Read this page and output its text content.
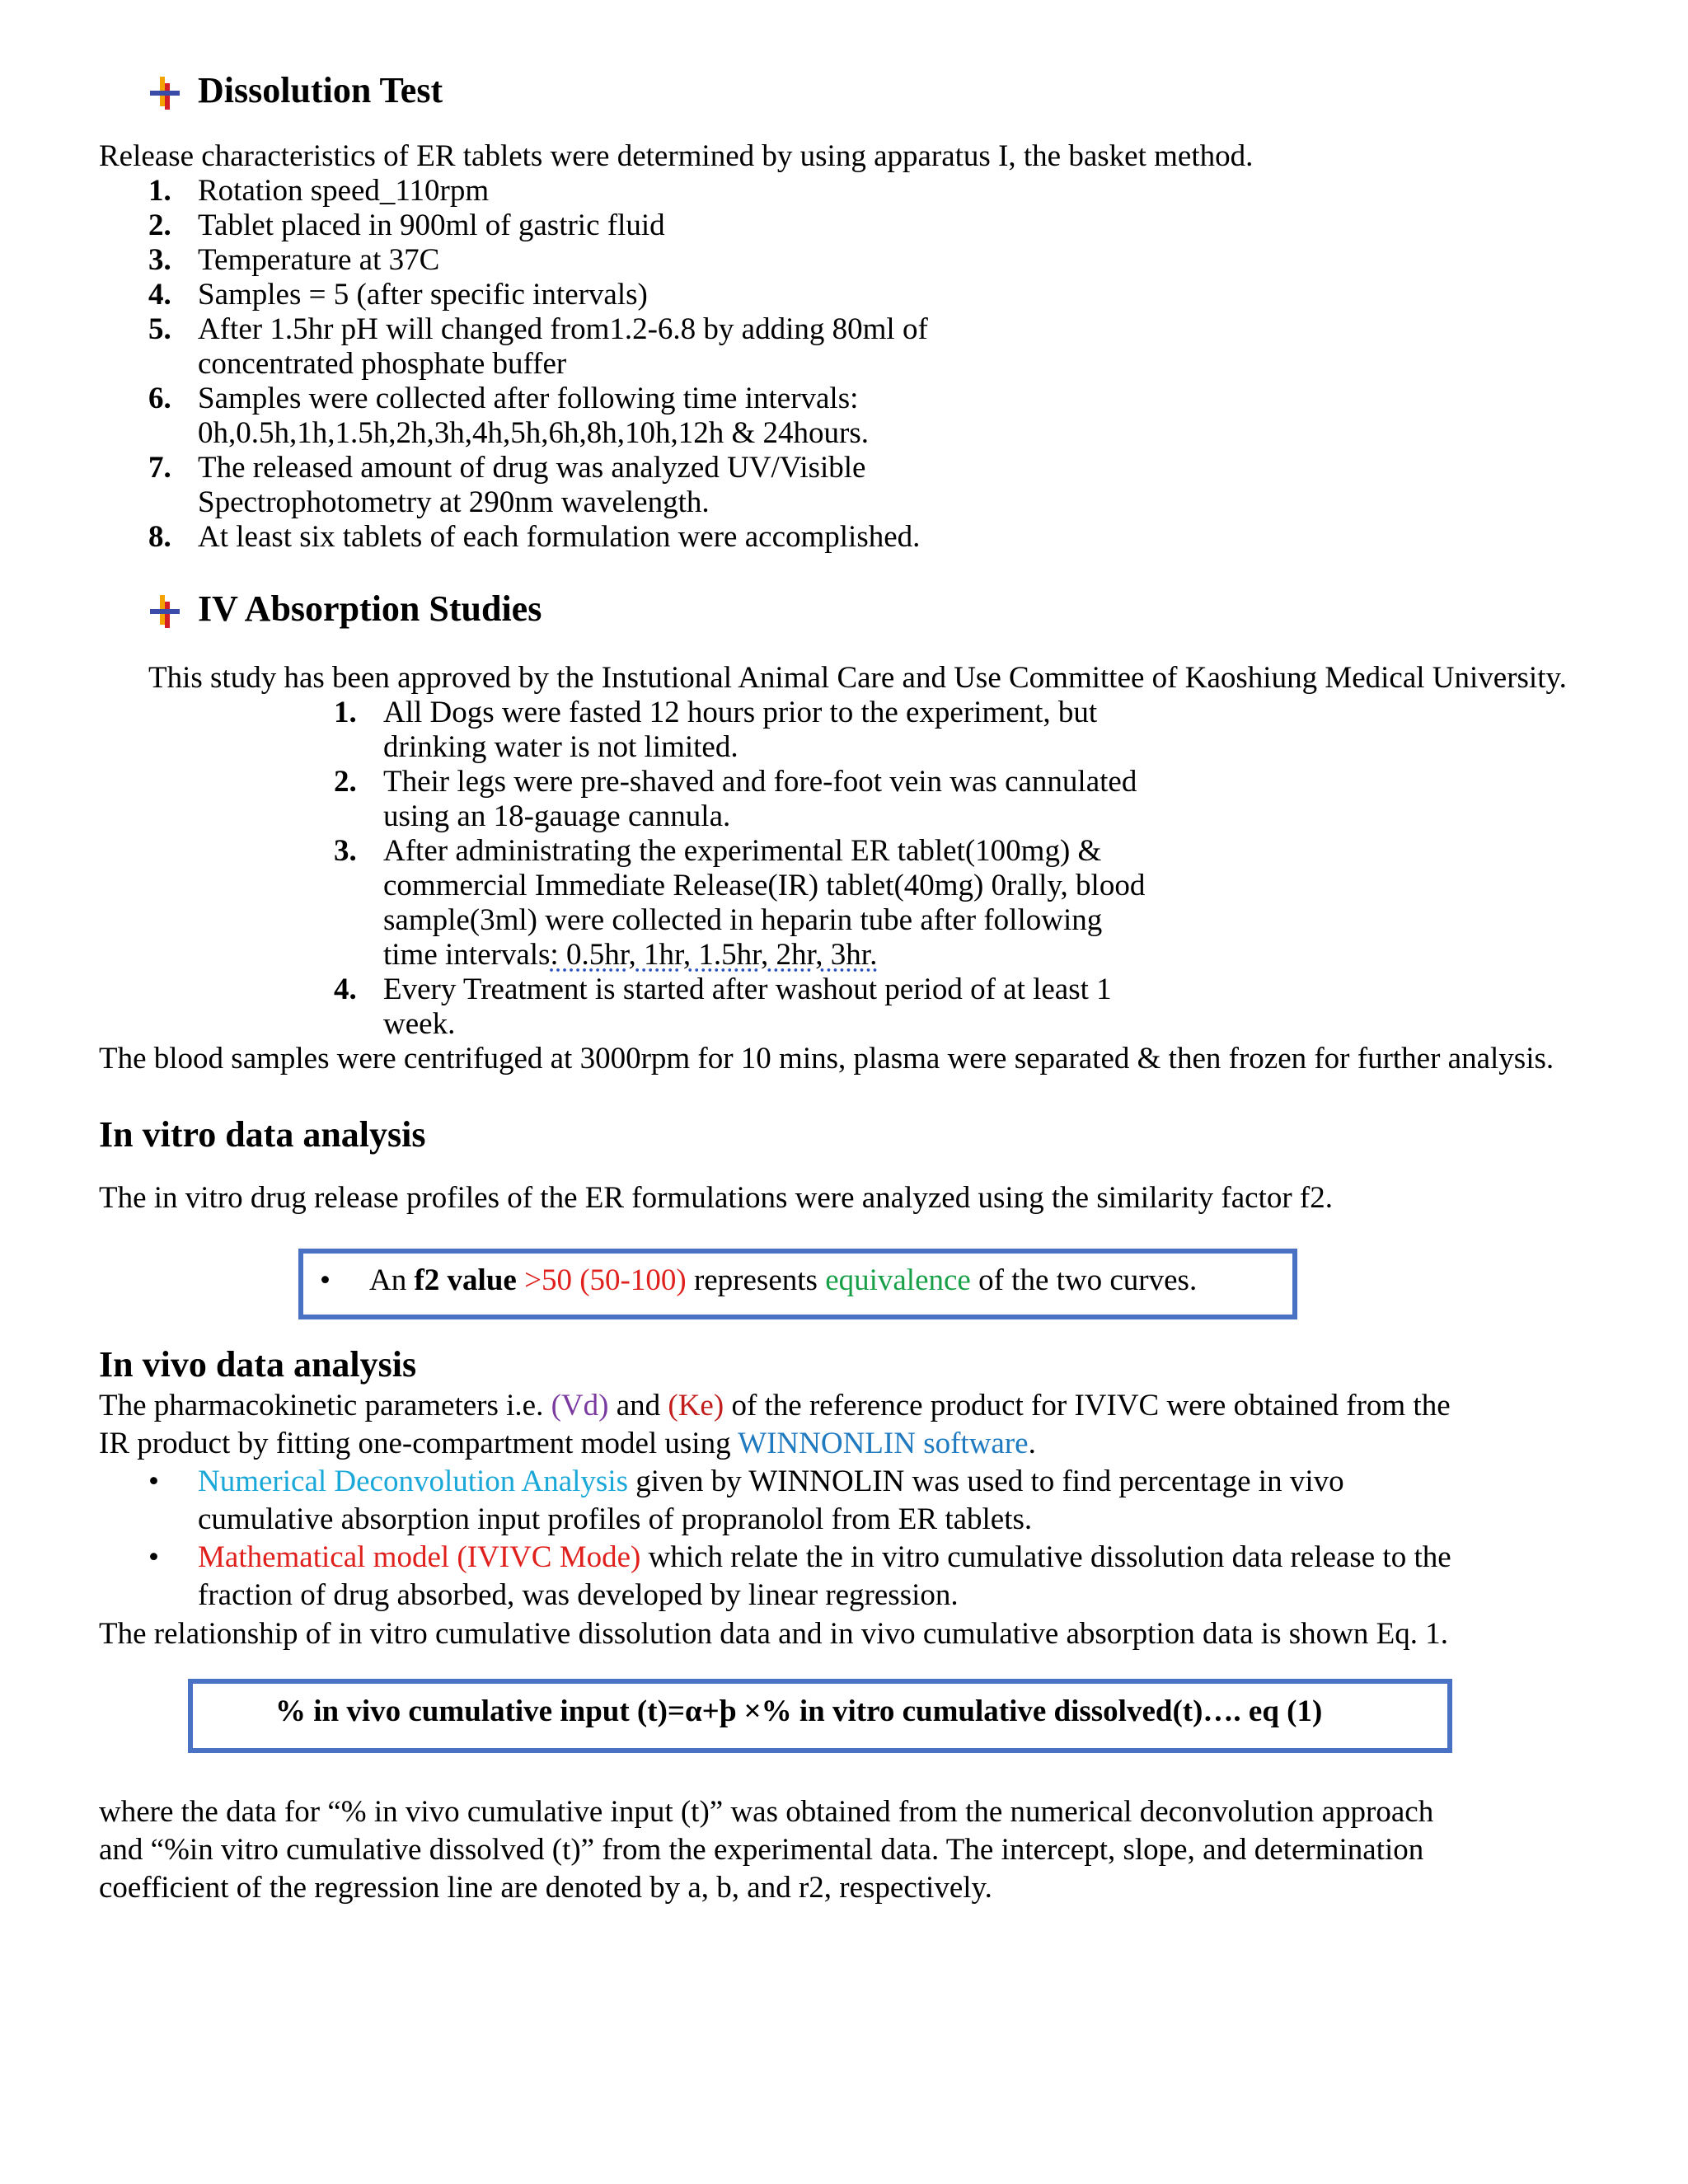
Dissolution Test
Release characteristics of ER tablets were determined by using apparatus I, the basket method.
1. Rotation speed_110rpm
2. Tablet placed in 900ml of gastric fluid
3. Temperature at 37C
4. Samples = 5 (after specific intervals)
5. After 1.5hr pH will changed from1.2-6.8 by adding 80ml of
concentrated phosphate buffer
6. Samples were collected after following time intervals:
0h,0.5h,1h,1.5h,2h,3h,4h,5h,6h,8h,10h,12h & 24hours.
7. The released amount of drug was analyzed UV/Visible
Spectrophotometry at 290nm wavelength.
8. At least six tablets of each formulation were accomplished.
IV Absorption Studies
This study has been approved by the Instutional Animal Care and Use Committee of Kaoshiung Medical University.
1. All Dogs were fasted 12 hours prior to the experiment, but
drinking water is not limited.
2. Their legs were pre-shaved and fore-foot vein was cannulated
using an 18-gauage cannula.
3. After administrating the experimental ER tablet(100mg) &
commercial Immediate Release(IR) tablet(40mg) 0rally, blood
sample(3ml) were collected in heparin tube after following
time intervals: 0.5hr, 1hr, 1.5hr, 2hr, 3hr.
4. Every Treatment is started after washout period of at least 1
week.
The blood samples were centrifuged at 3000rpm for 10 mins, plasma were separated & then frozen for further analysis.
In vitro data analysis
The in vitro drug release profiles of the ER formulations were analyzed using the similarity factor f2.
• An f2 value >50 (50-100) represents equivalence of the two curves.
In vivo data analysis
The pharmacokinetic parameters i.e. (Vd) and (Ke) of the reference product for IVIVC were obtained from the
IR product by fitting one-compartment model using WINNONLIN software.
• Numerical Deconvolution Analysis given by WINNOLIN was used to find percentage in vivo
cumulative absorption input profiles of propranolol from ER tablets.
• Mathematical model (IVIVC Mode) which relate the in vitro cumulative dissolution data release to the
fraction of drug absorbed, was developed by linear regression.
The relationship of in vitro cumulative dissolution data and in vivo cumulative absorption data is shown Eq. 1.
% in vivo cumulative input (t)=α+þ ×% in vitro cumulative dissolved(t)…. eq (1)
where the data for “% in vivo cumulative input (t)” was obtained from the numerical deconvolution approach
and “%in vitro cumulative dissolved (t)” from the experimental data. The intercept, slope, and determination
coefficient of the regression line are denoted by a, b, and r2, respectively.
